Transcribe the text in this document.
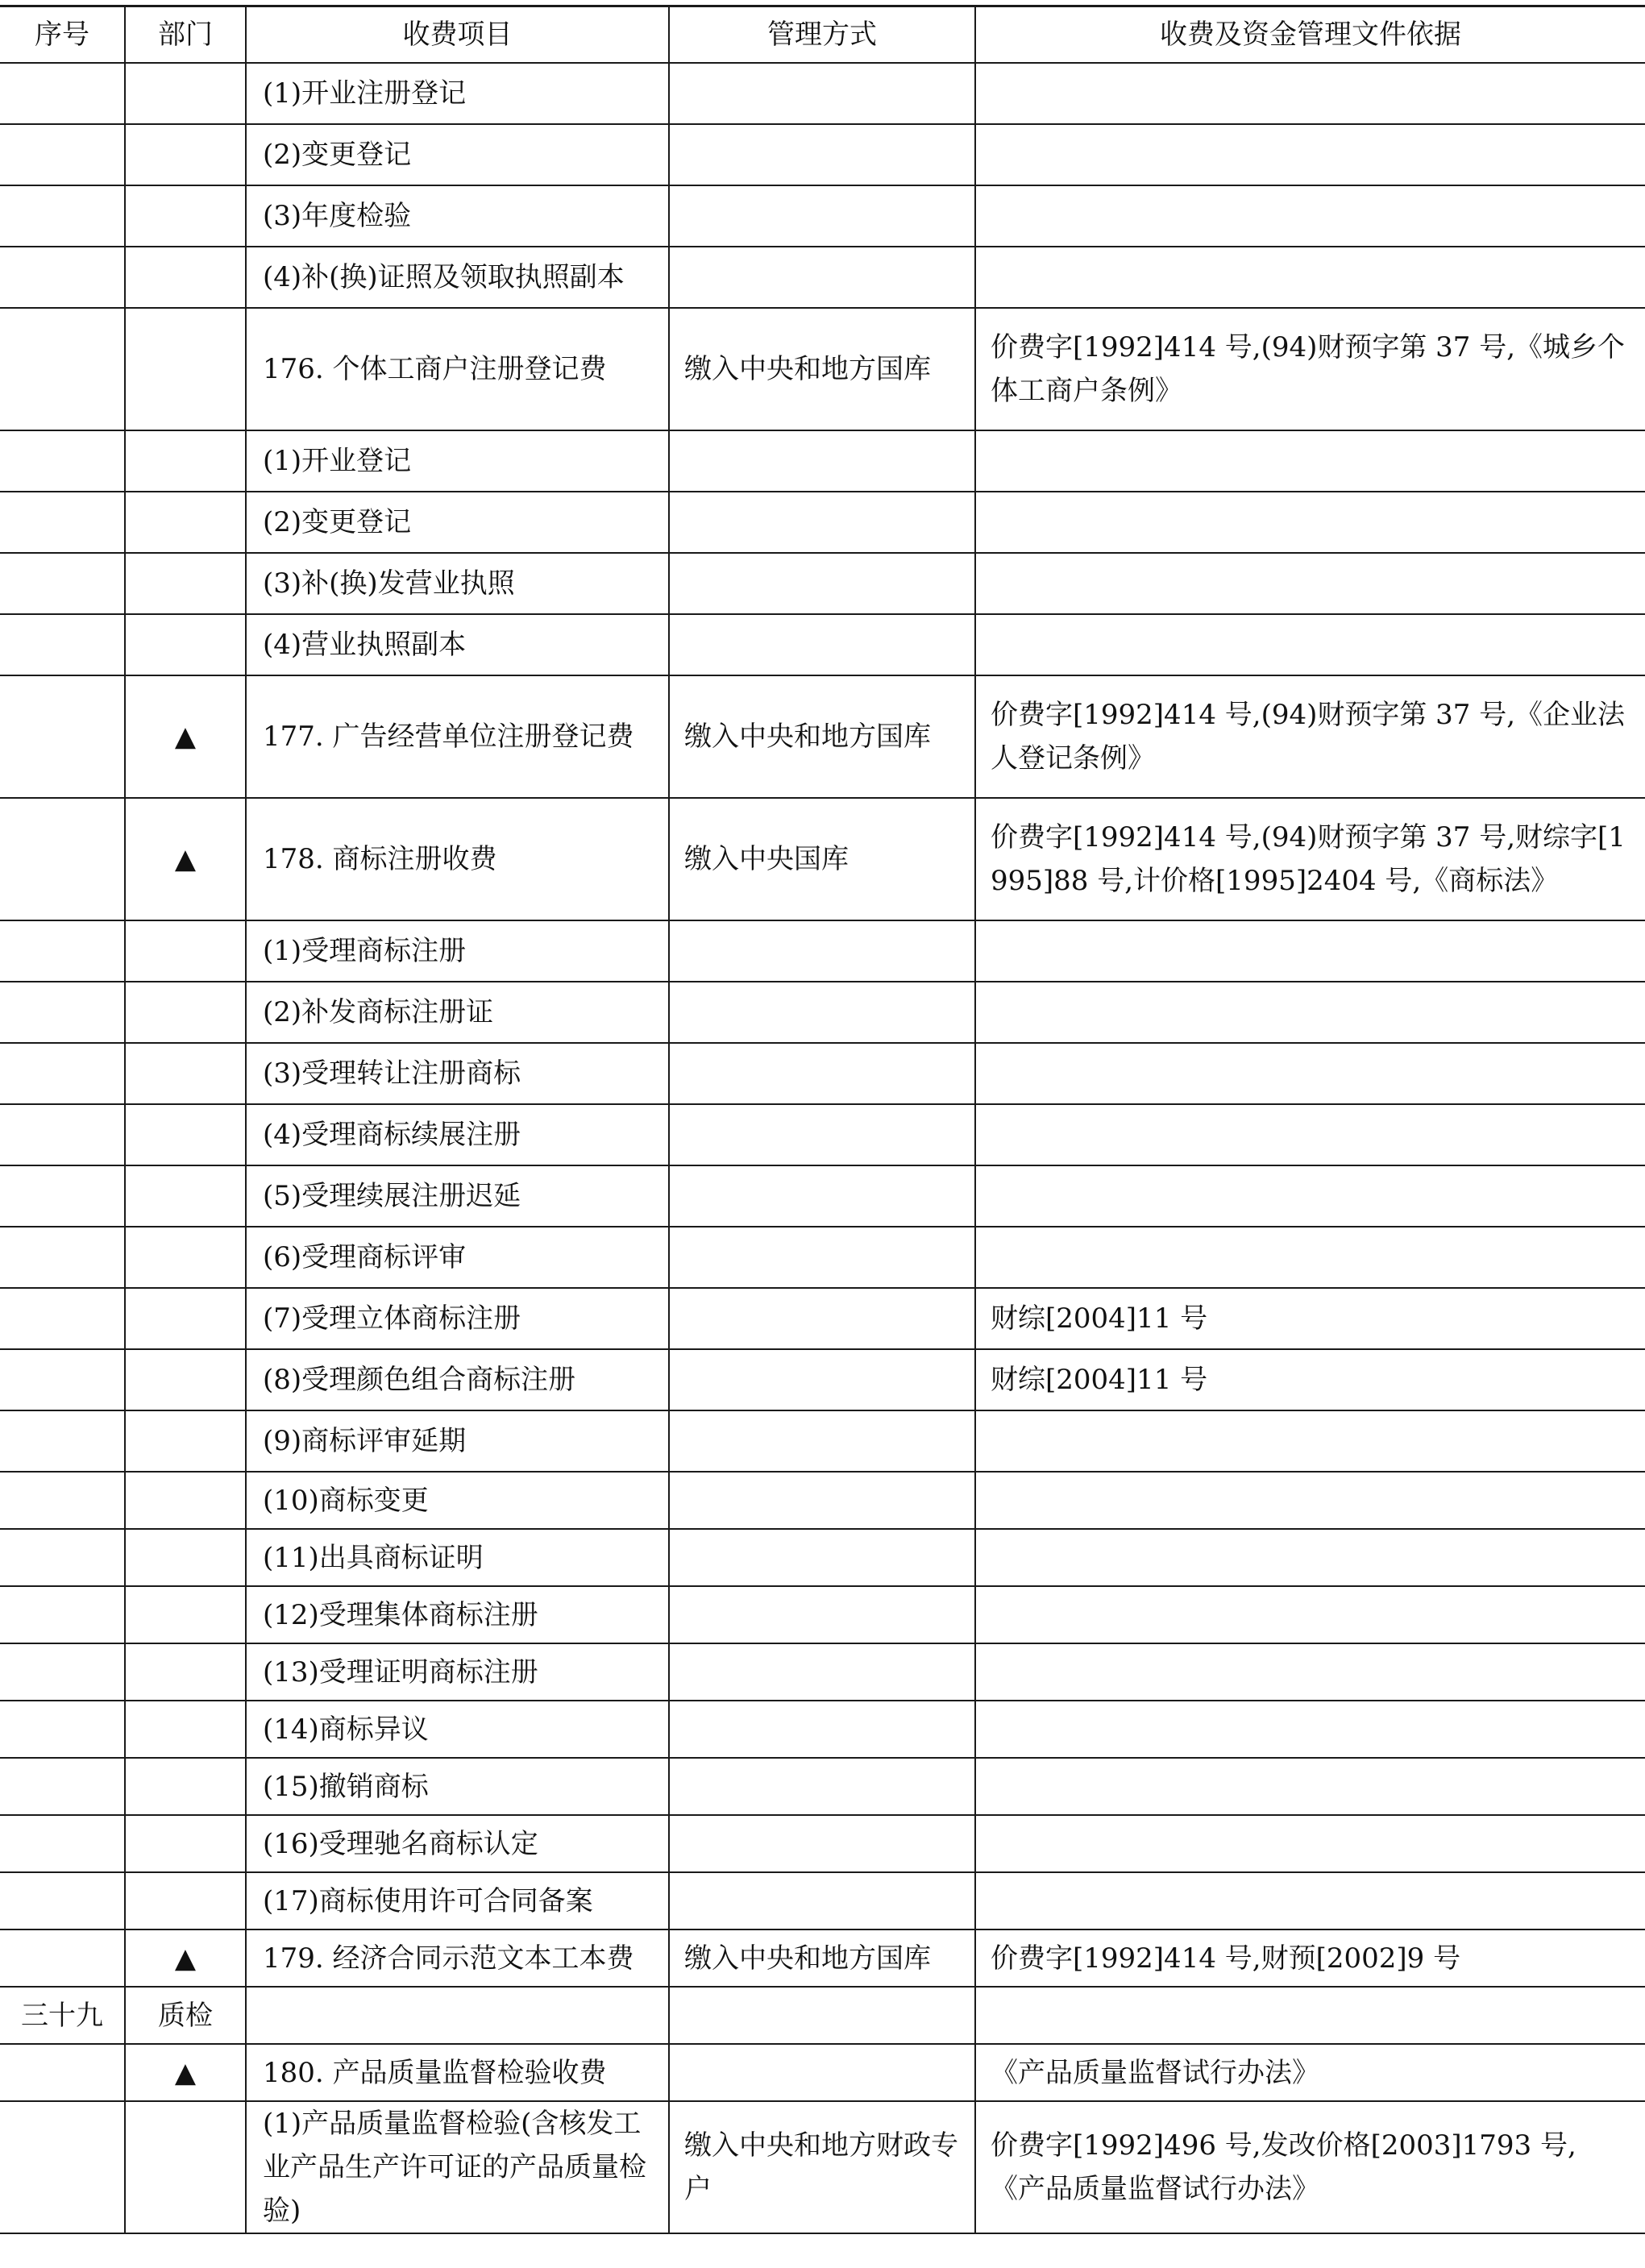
序号	部门	收费项目	管理方式	收费及资金管理文件依据
		(1)开业注册登记		
		(2)变更登记		
		(3)年度检验		
		(4)补(换)证照及领取执照副本		
		176. 个体工商户注册登记费	缴入中央和地方国库	价费字[1992]414 号,(94)财预字第 37 号,《城乡个体工商户条例》
		(1)开业登记		
		(2)变更登记		
		(3)补(换)发营业执照		
		(4)营业执照副本		
	▲	177. 广告经营单位注册登记费	缴入中央和地方国库	价费字[1992]414 号,(94)财预字第 37 号,《企业法人登记条例》
	▲	178. 商标注册收费	缴入中央国库	价费字[1992]414 号,(94)财预字第 37 号,财综字[1995]88 号,计价格[1995]2404 号,《商标法》
		(1)受理商标注册		
		(2)补发商标注册证		
		(3)受理转让注册商标		
		(4)受理商标续展注册		
		(5)受理续展注册迟延		
		(6)受理商标评审		
		(7)受理立体商标注册		财综[2004]11 号
		(8)受理颜色组合商标注册		财综[2004]11 号
		(9)商标评审延期		
		(10)商标变更		
		(11)出具商标证明		
		(12)受理集体商标注册		
		(13)受理证明商标注册		
		(14)商标异议		
		(15)撤销商标		
		(16)受理驰名商标认定		
		(17)商标使用许可合同备案		
	▲	179. 经济合同示范文本工本费	缴入中央和地方国库	价费字[1992]414 号,财预[2002]9 号
三十九	质检			
	▲	180. 产品质量监督检验收费		《产品质量监督试行办法》
		(1)产品质量监督检验(含核发工业产品生产许可证的产品质量检验)	缴入中央和地方财政专户	价费字[1992]496 号,发改价格[2003]1793 号,《产品质量监督试行办法》
